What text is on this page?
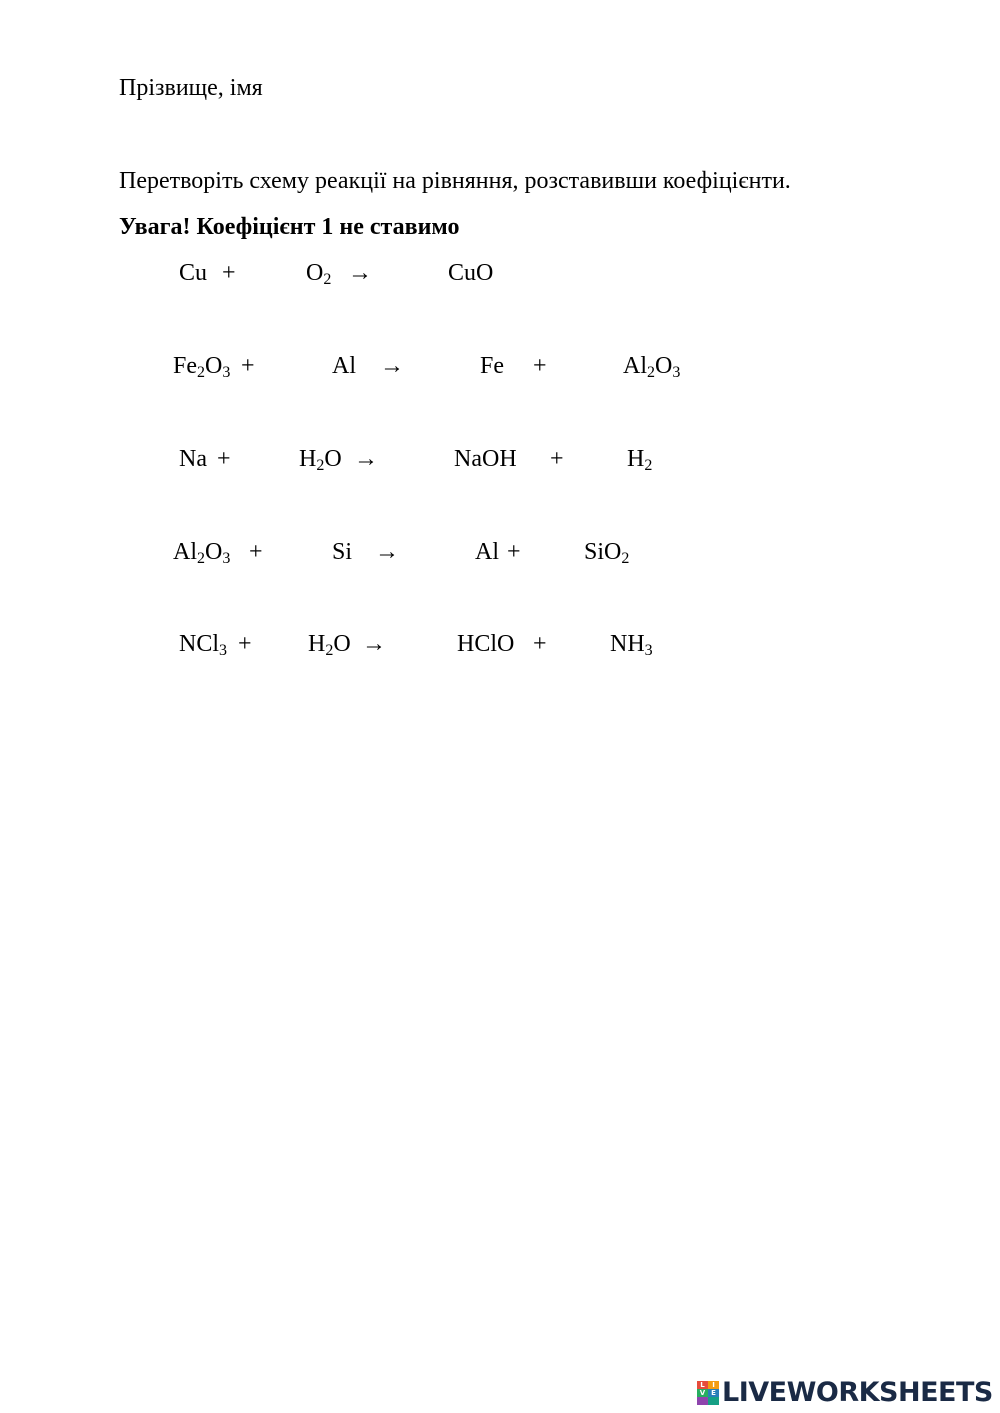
Прізвище, імя
Перетворіть схему реакції на рівняння, розставивши коефіцієнти.
Увага! Коефіцієнт 1 не ставимо
Cu +	$O_2$ →	CuO
$Fe_2O_3$ +	Al →	Fe +	$Al_2O_3$
Na +	$H_2O$ →	NaOH +	$H_2$
$Al_2O_3$ +	Si →	Al +	SiO$_2$
$NCl_3 + H_2O$ →	HClO +	$NH_3$
L	I
V E LIVEWORKSHEETS
